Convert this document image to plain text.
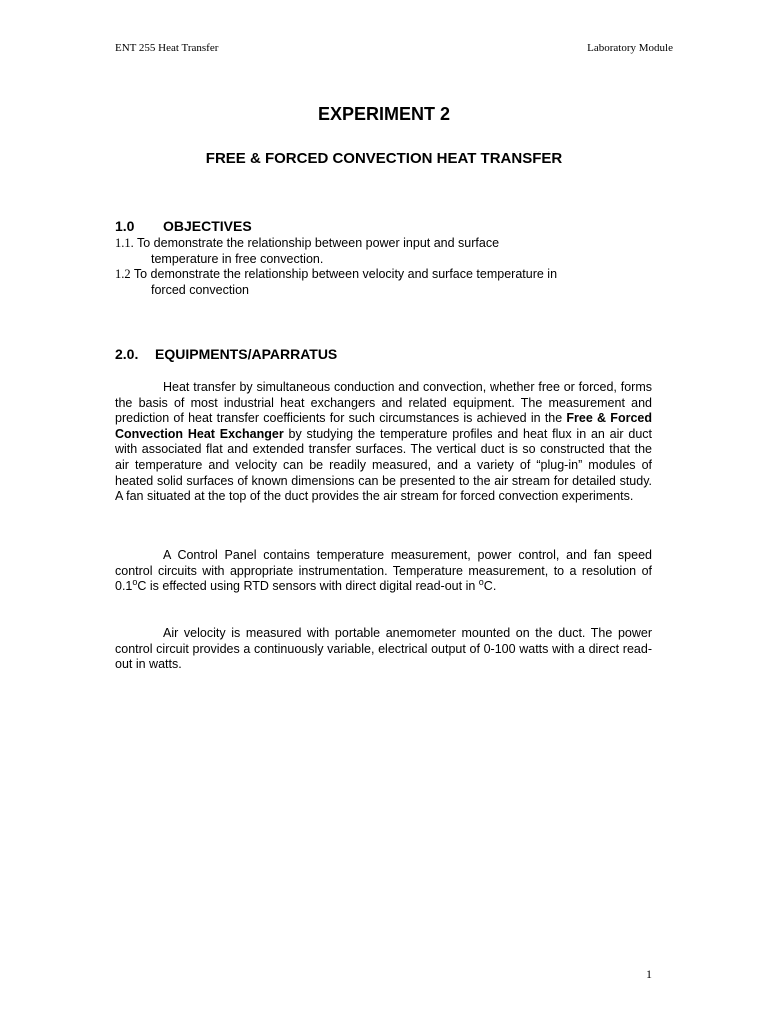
ENT 255 Heat Transfer	Laboratory Module
EXPERIMENT 2
FREE & FORCED CONVECTION HEAT TRANSFER
1.0 OBJECTIVES
1.1. To demonstrate the relationship between power input and surface
temperature in free convection.
1.2 To demonstrate the relationship between velocity and surface temperature in
forced convection
2.0. EQUIPMENTS/APARRATUS

Heat transfer by simultaneous conduction and convection, whether free or forced, forms the basis of most industrial heat exchangers and related equipment. The measurement and prediction of heat transfer coefficients for such circumstances is achieved in the Free & Forced Convection Heat Exchanger by studying the temperature profiles and heat flux in an air duct with associated flat and extended transfer surfaces. The vertical duct is so constructed that the air temperature and velocity can be readily measured, and a variety of “plug-in” modules of heated solid surfaces of known dimensions can be presented to the air stream for detailed study. A fan situated at the top of the duct provides the air stream for forced convection experiments.

A Control Panel contains temperature measurement, power control, and fan speed control circuits with appropriate instrumentation. Temperature measurement, to a resolution of 0.1$^o$C is effected using RTD sensors with direct digital read-out in $^o$C.

Air velocity is measured with portable anemometer mounted on the duct. The power control circuit provides a continuously variable, electrical output of 0-100 watts with a direct read-out in watts.

1
